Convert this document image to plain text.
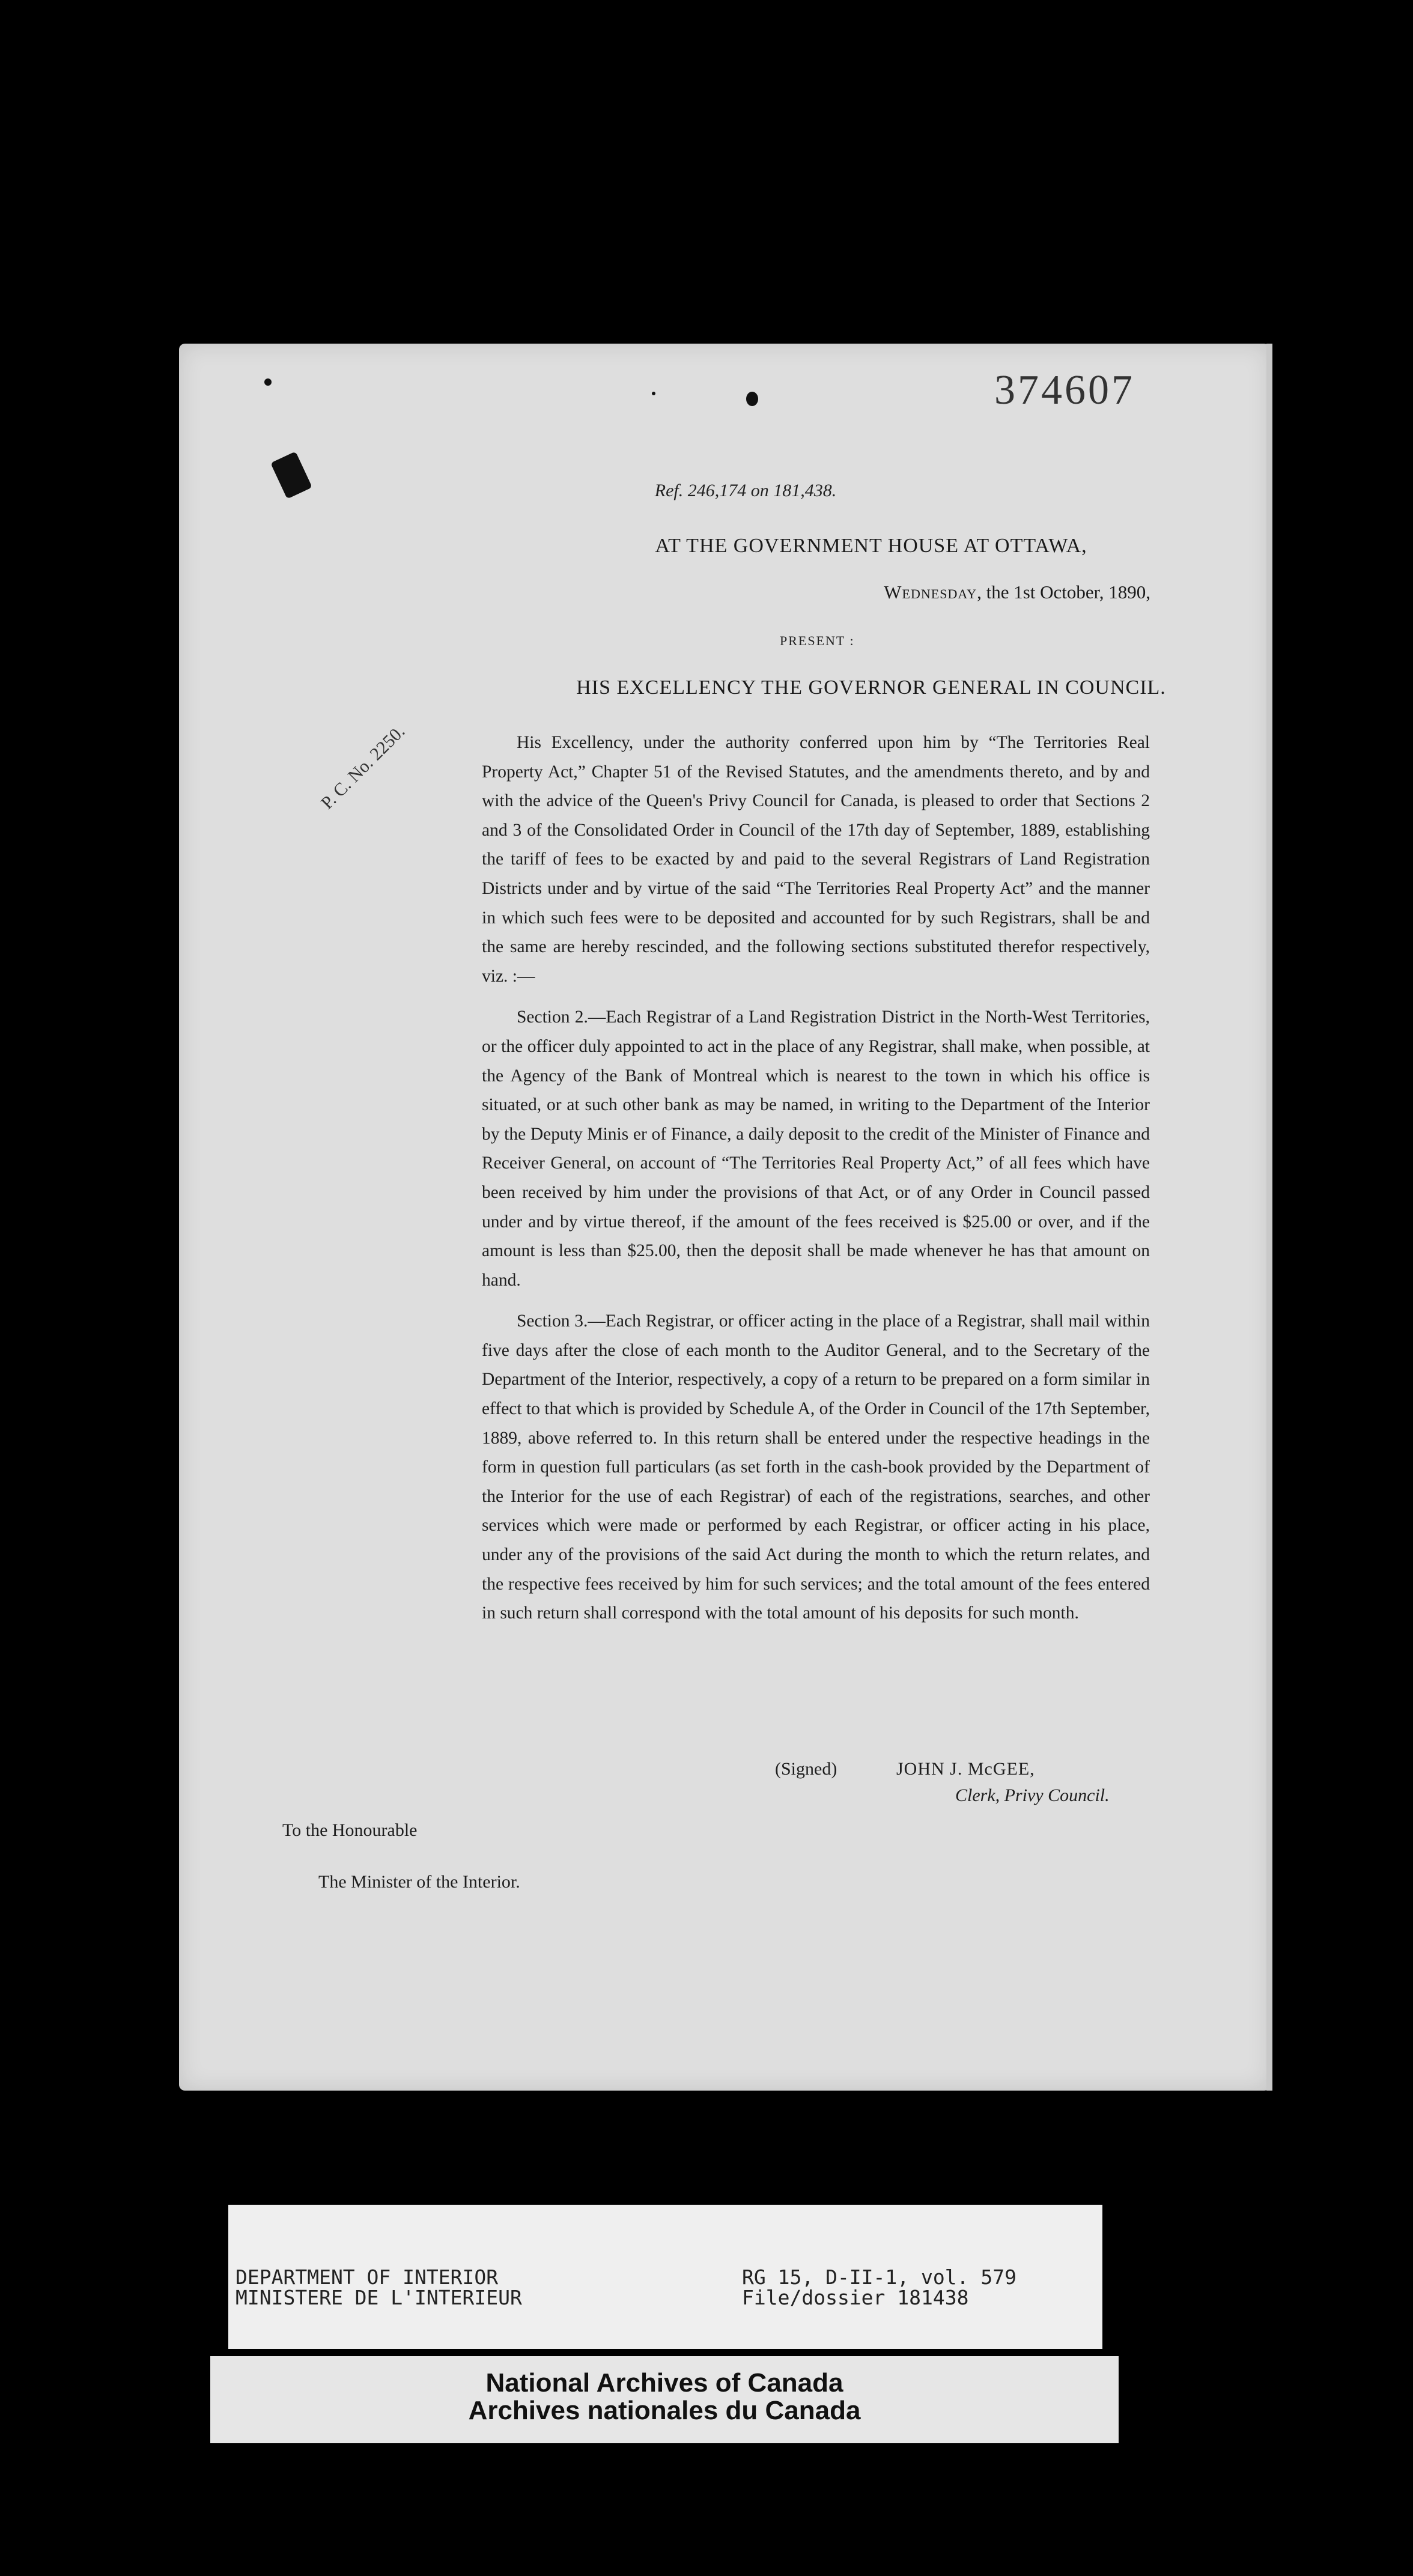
374607
Ref. 246,174 on 181,438.
AT THE GOVERNMENT HOUSE AT OTTAWA,
Wednesday, the 1st October, 1890,
PRESENT :
HIS EXCELLENCY THE GOVERNOR GENERAL IN COUNCIL.
P. C. No. 2250.	His Excellency, under the authority conferred upon him by “The Territories Real Property Act,” Chapter 51 of the Revised Statutes, and the amendments thereto, and by and with the advice of the Queen's Privy Council for Canada, is pleased to order that Sections 2 and 3 of the Consolidated Order in Council of the 17th day of September, 1889, establishing the tariff of fees to be exacted by and paid to the several Registrars of Land Registration Districts under and by virtue of the said “The Territories Real Property Act” and the manner in which such fees were to be deposited and accounted for by such Registrars, shall be and the same are hereby rescinded, and the following sections substituted therefor respectively, viz. :—

Section 2.—Each Registrar of a Land Registration District in the North-West Territories, or the officer duly appointed to act in the place of any Registrar, shall make, when possible, at the Agency of the Bank of Montreal which is nearest to the town in which his office is situated, or at such other bank as may be named, in writing to the Department of the Interior by the Deputy Minis er of Finance, a daily deposit to the credit of the Minister of Finance and Receiver General, on account of “The Territories Real Property Act,” of all fees which have been received by him under the provisions of that Act, or of any Order in Council passed under and by virtue thereof, if the amount of the fees received is $25.00 or over, and if the amount is less than $25.00, then the deposit shall be made whenever he has that amount on hand.

Section 3.—Each Registrar, or officer acting in the place of a Registrar, shall mail within five days after the close of each month to the Auditor General, and to the Secretary of the Department of the Interior, respectively, a copy of a return to be prepared on a form similar in effect to that which is provided by Schedule A, of the Order in Council of the 17th September, 1889, above referred to. In this return shall be entered under the respective headings in the form in question full particulars (as set forth in the cash-book provided by the Department of the Interior for the use of each Registrar) of each of the registrations, searches, and other services which were made or performed by each Registrar, or officer acting in his place, under any of the provisions of the said Act during the month to which the return relates, and the respective fees received by him for such services; and the total amount of the fees entered in such return shall correspond with the total amount of his deposits for such month.

(Signed)	JOHN J. McGEE,
Clerk, Privy Council.
To the Honourable
The Minister of the Interior.
DEPARTMENT OF INTERIOR
MINISTERE DE L'INTERIEUR
RG 15, D-II-1, vol. 579
File/dossier 181438
National Archives of Canada
Archives nationales du Canada
